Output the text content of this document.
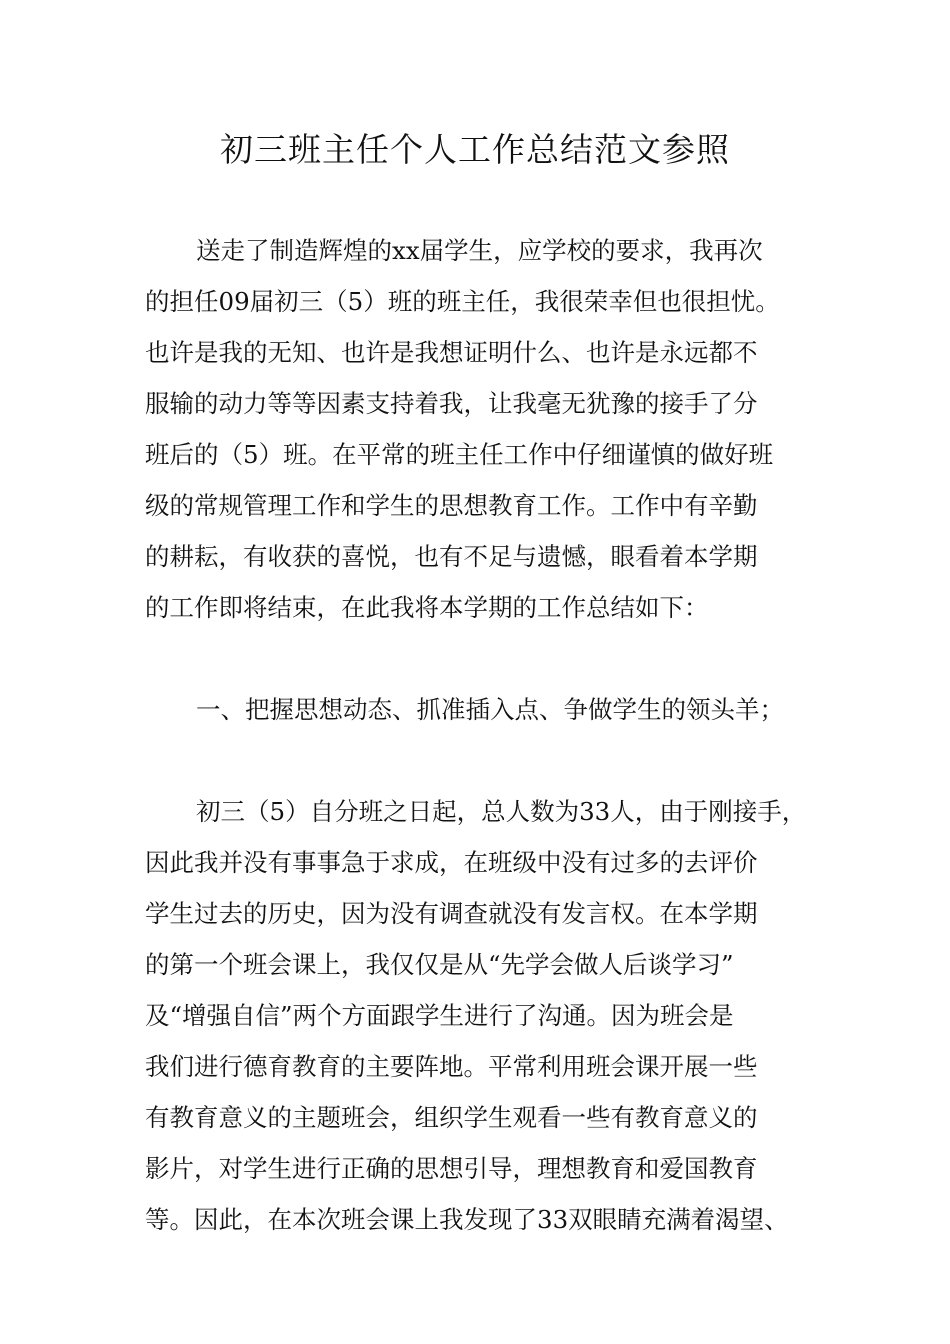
初三班主任个人工作总结范文参照

送走了制造辉煌的xx届学生，应学校的要求，我再次

的担任09届初三（5）班的班主任，我很荣幸但也很担忧。

也许是我的无知、也许是我想证明什么、也许是永远都不

服输的动力等等因素支持着我，让我毫无犹豫的接手了分

班后的（5）班。在平常的班主任工作中仔细谨慎的做好班

级的常规管理工作和学生的思想教育工作。工作中有辛勤

的耕耘，有收获的喜悦，也有不足与遗憾，眼看着本学期

的工作即将结束，在此我将本学期的工作总结如下：

一、把握思想动态、抓准插入点、争做学生的领头羊；

初三（5）自分班之日起，总人数为33人，由于刚接手，

因此我并没有事事急于求成，在班级中没有过多的去评价

学生过去的历史，因为没有调查就没有发言权。在本学期

的第一个班会课上，我仅仅是从“先学会做人后谈学习”

及“增强自信”两个方面跟学生进行了沟通。因为班会是

我们进行德育教育的主要阵地。平常利用班会课开展一些

有教育意义的主题班会，组织学生观看一些有教育意义的

影片，对学生进行正确的思想引导，理想教育和爱国教育

等。因此，在本次班会课上我发现了33双眼睛充满着渴望、
